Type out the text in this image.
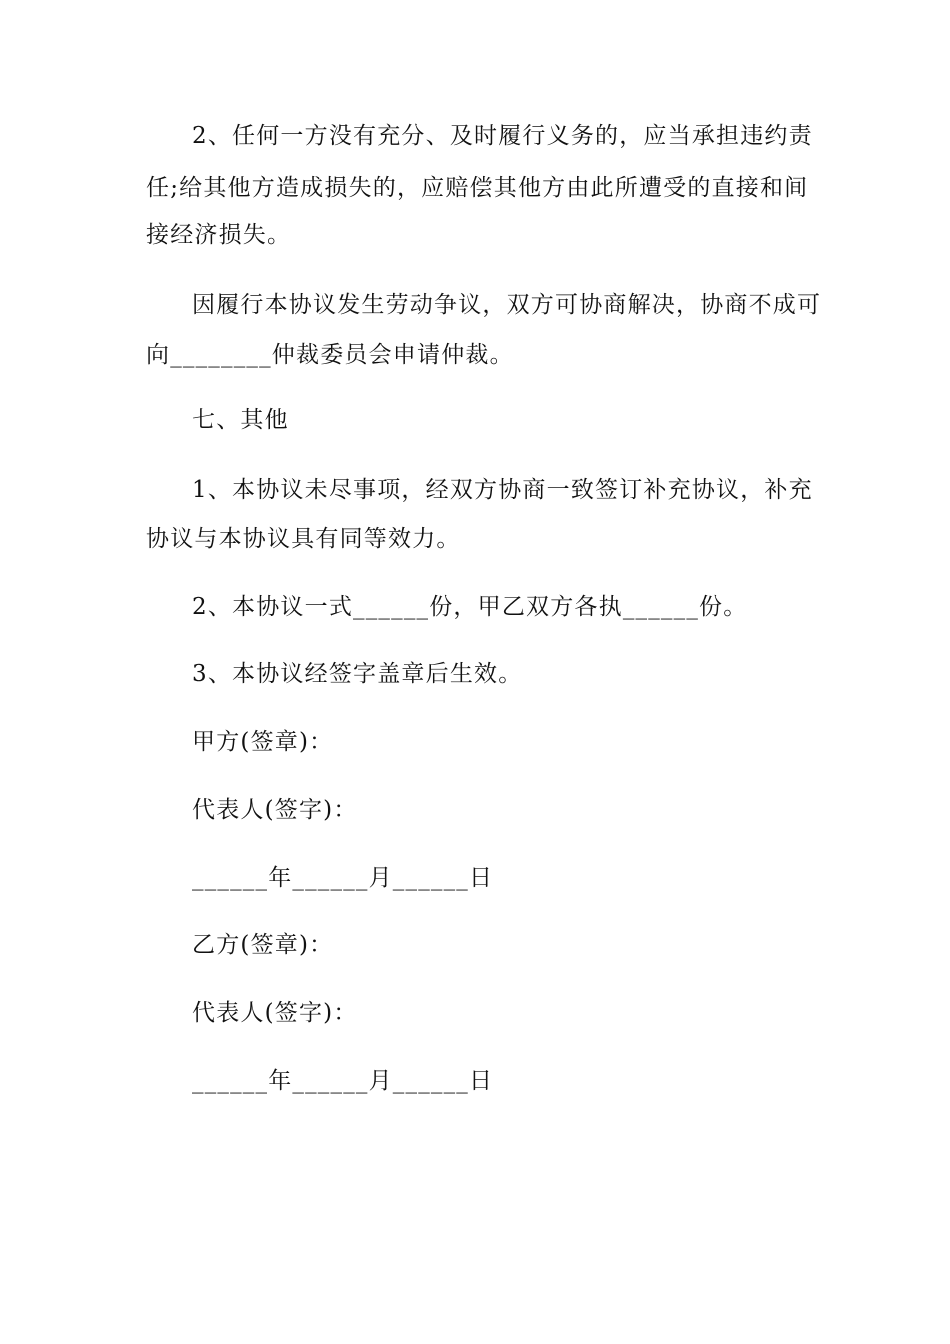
2、任何一方没有充分、及时履行义务的，应当承担违约责
任;给其他方造成损失的，应赔偿其他方由此所遭受的直接和间
接经济损失。
因履行本协议发生劳动争议，双方可协商解决，协商不成可
向________仲裁委员会申请仲裁。
七、其他
1、本协议未尽事项，经双方协商一致签订补充协议，补充
协议与本协议具有同等效力。
2、本协议一式______份，甲乙双方各执______份。
3、本协议经签字盖章后生效。
甲方(签章)：
代表人(签字)：
______年______月______日
乙方(签章)：
代表人(签字)：
______年______月______日
